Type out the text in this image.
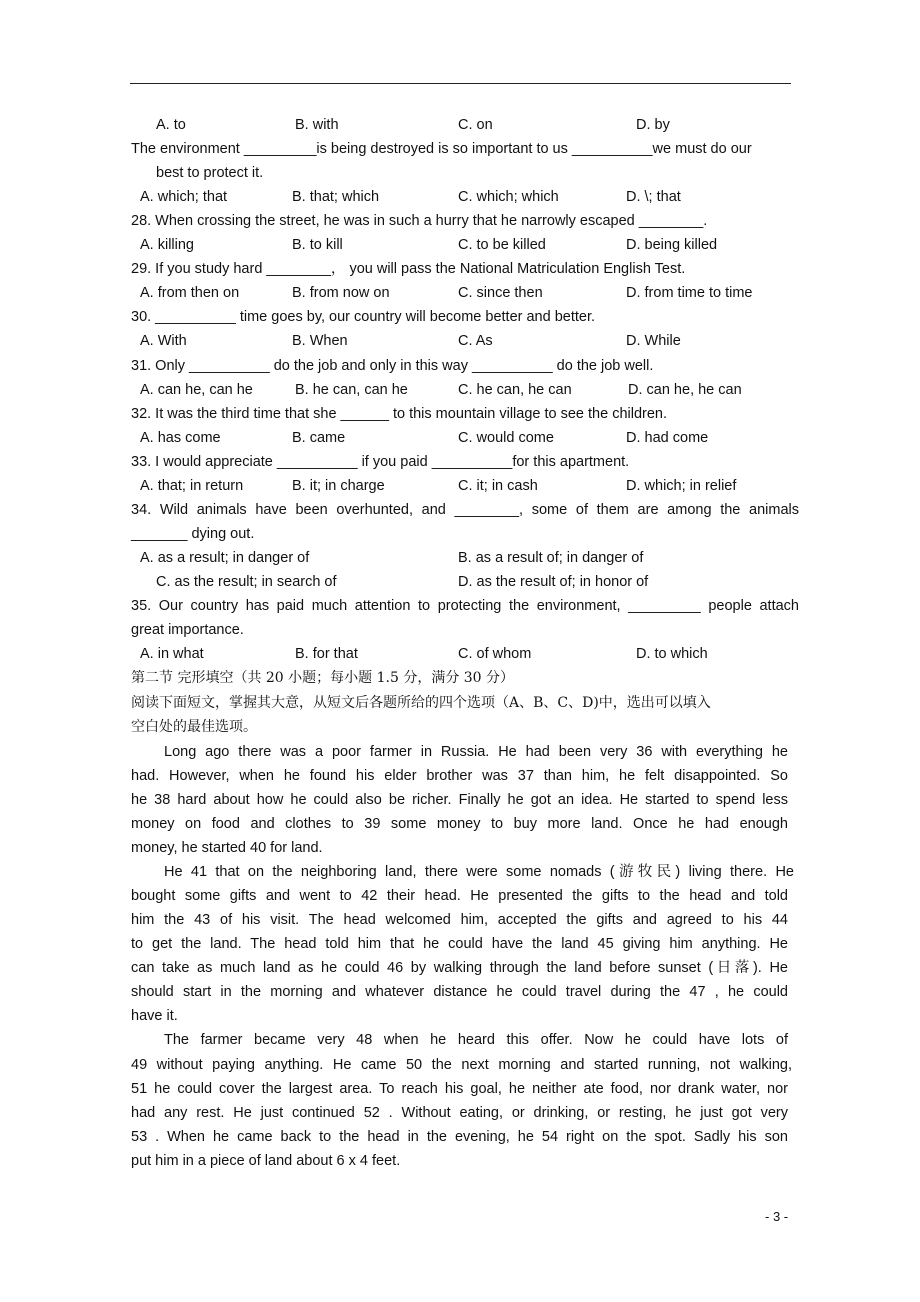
A. to	B. with	C. on	D. by
The environment _________is being destroyed is so important to us __________we must do our
best to protect it.
A. which; that	B. that; which	C. which; which	D. \; that
28. When crossing the street, he was in such a hurry that he narrowly escaped ________.
A. killing	B. to kill	C. to be killed	D. being killed
29. If you study hard ________， you will pass the National Matriculation English Test.
A. from then on	B. from now on	C. since then	D. from time to time
30. __________ time goes by, our country will become better and better.
A. With	B. When	C. As	D. While
31. Only __________ do the job and only in this way __________ do the job well.
A. can he, can he	B. he can, can he	C. he can, he can	D. can he, he can
32. It was the third time that she ______ to this mountain village to see the children.
A. has come	B. came	C. would come	D. had come
33. I would appreciate __________ if you paid __________for this apartment.
A. that; in return	B. it; in charge	C. it; in cash	D. which; in relief
34. Wild animals have been overhunted, and ________, some of them are among the animals
_______ dying out.
A. as a result; in danger of	B. as a result of; in danger of
C. as the result; in search of	D. as the result of; in honor of
35. Our country has paid much attention to protecting the environment, _________ people attach
great importance.
A. in what	B. for that	C. of whom	D. to which
第二节 完形填空（共 20 小题；每小题 1.5 分，满分 30 分）
阅读下面短文，掌握其大意，从短文后各题所给的四个选项（A、B、C、D)中，选出可以填入
空白处的最佳选项。
Long ago there was a poor farmer in Russia. He had been very 36 with everything he
had. However, when he found his elder brother was 37 than him, he felt disappointed. So
he 38 hard about how he could also be richer. Finally he got an idea. He started to spend less
money on food and clothes to 39 some money to buy more land. Once he had enough
money, he started 40 for land.
He 41 that on the neighboring land, there were some nomads (游牧民) living there. He
bought some gifts and went to 42 their head. He presented the gifts to the head and told
him the 43 of his visit. The head welcomed him, accepted the gifts and agreed to his 44
to get the land. The head told him that he could have the land 45 giving him anything. He
can take as much land as he could 46 by walking through the land before sunset (日落). He
should start in the morning and whatever distance he could travel during the 47 , he could
have it.
The farmer became very 48 when he heard this offer. Now he could have lots of
49 without paying anything. He came 50 the next morning and started running, not walking,
51 he could cover the largest area. To reach his goal, he neither ate food, nor drank water, nor
had any rest. He just continued 52 . Without eating, or drinking, or resting, he just got very
53 . When he came back to the head in the evening, he 54 right on the spot. Sadly his son
put him in a piece of land about 6 x 4 feet.
- 3 -
